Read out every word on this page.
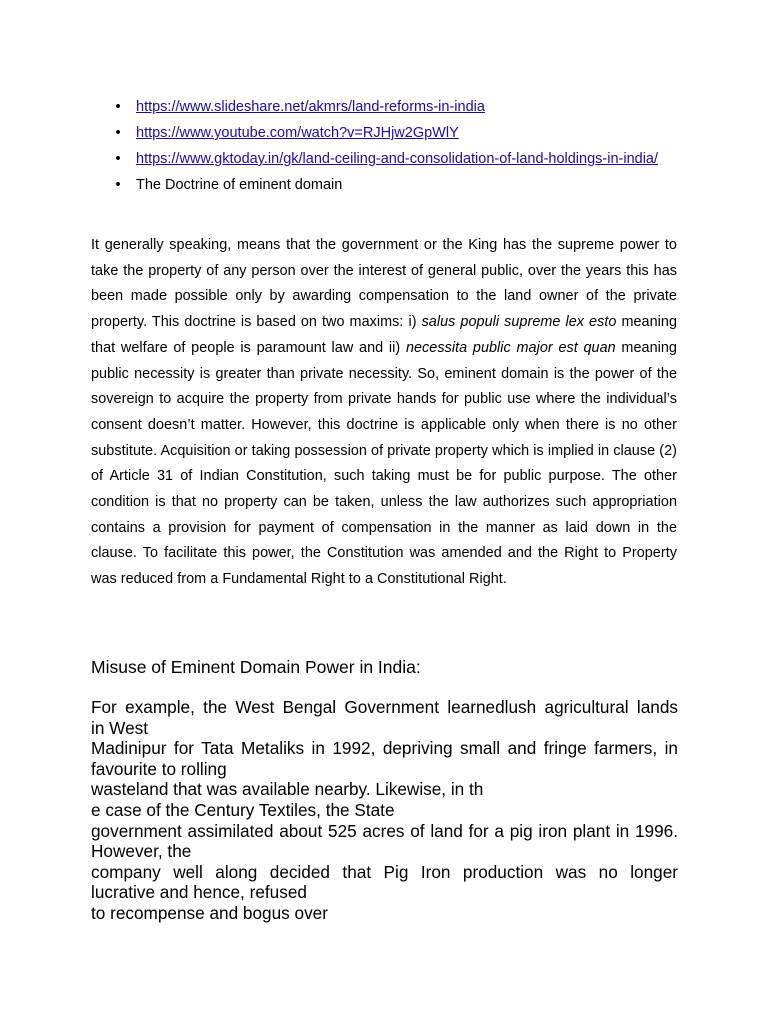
•	https://www.slideshare.net/akmrs/land-reforms-in-india
•	https://www.youtube.com/watch?v=RJHjw2GpWlY
•	https://www.gktoday.in/gk/land-ceiling-and-consolidation-of-land-holdings-in-india/
•	The Doctrine of eminent domain

It generally speaking, means that the government or the King has the supreme power to take the property of any person over the interest of general public, over the years this has been made possible only by awarding compensation to the land owner of the private property. This doctrine is based on two maxims: i) salus populi supreme lex esto meaning that welfare of people is paramount law and ii) necessita public major est quan meaning public necessity is greater than private necessity. So, eminent domain is the power of the sovereign to acquire the property from private hands for public use where the individual’s consent doesn’t matter. However, this doctrine is applicable only when there is no other substitute. Acquisition or taking possession of private property which is implied in clause (2) of Article 31 of Indian Constitution, such taking must be for public purpose. The other condition is that no property can be taken, unless the law authorizes such appropriation contains a provision for payment of compensation in the manner as laid down in the clause. To facilitate this power, the Constitution was amended and the Right to Property was reduced from a Fundamental Right to a Constitutional Right.

Misuse of Eminent Domain Power in India:
For example, the West Bengal Government learnedlush agricultural lands
in West
Madinipur for Tata Metaliks in 1992, depriving small and fringe farmers, in
favourite to rolling
wasteland that was available nearby. Likewise, in th
e case of the Century Textiles, the State
government assimilated about 525 acres of land for a pig iron plant in 1996.
However, the
company well along decided that Pig Iron production was no longer
lucrative and hence, refused
to recompense and bogus over
